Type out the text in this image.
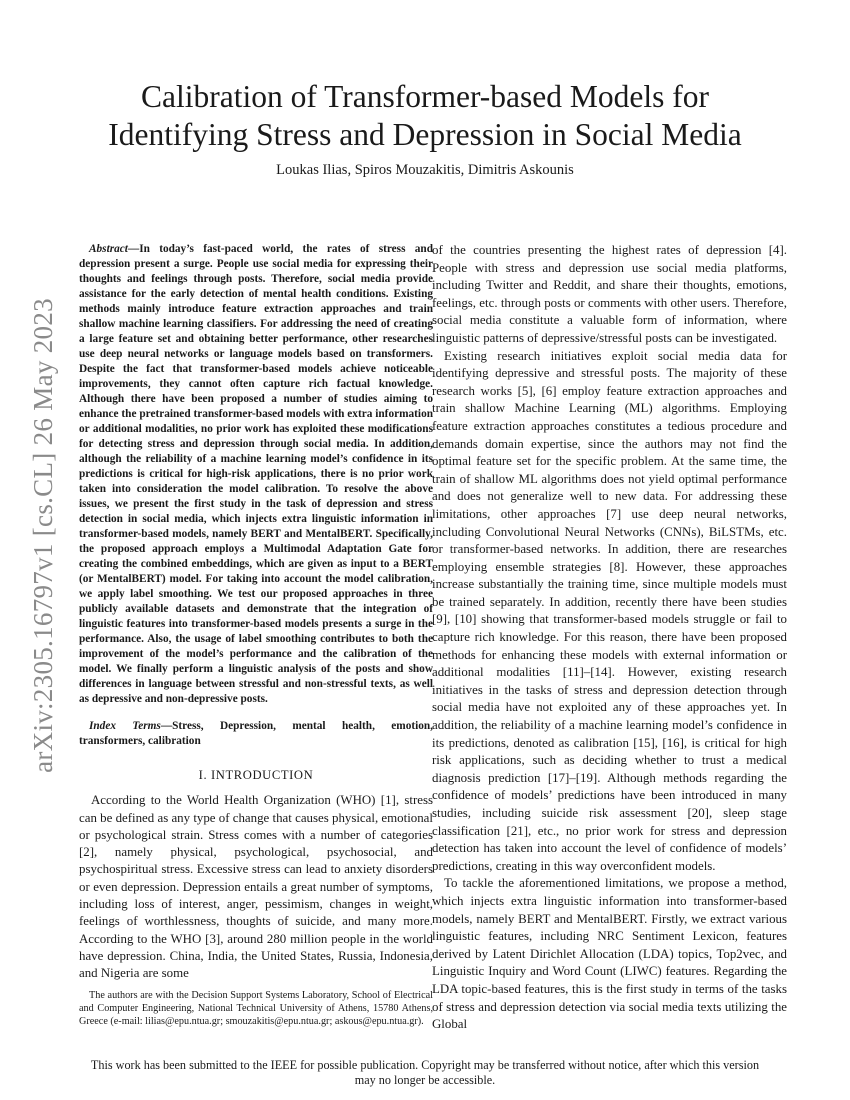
arXiv:2305.16797v1 [cs.CL] 26 May 2023
Calibration of Transformer-based Models for
Identifying Stress and Depression in Social Media
Loukas Ilias, Spiros Mouzakitis, Dimitris Askounis

Abstract—In today’s fast-paced world, the rates of stress and depression present a surge. People use social media for expressing their thoughts and feelings through posts. Therefore, social media provide assistance for the early detection of mental health conditions. Existing methods mainly introduce feature extraction approaches and train shallow machine learning classifiers. For addressing the need of creating a large feature set and obtaining better performance, other researches use deep neural networks or language models based on transformers. Despite the fact that transformer-based models achieve noticeable improvements, they cannot often capture rich factual knowledge. Although there have been proposed a number of studies aiming to enhance the pretrained transformer-based models with extra information or additional modalities, no prior work has exploited these modifications for detecting stress and depression through social media. In addition, although the reliability of a machine learning model’s confidence in its predictions is critical for high-risk applications, there is no prior work taken into consideration the model calibration. To resolve the above issues, we present the first study in the task of depression and stress detection in social media, which injects extra linguistic information in transformer-based models, namely BERT and MentalBERT. Specifically, the proposed approach employs a Multimodal Adaptation Gate for creating the combined embeddings, which are given as input to a BERT (or MentalBERT) model. For taking into account the model calibration, we apply label smoothing. We test our proposed approaches in three publicly available datasets and demonstrate that the integration of linguistic features into transformer-based models presents a surge in the performance. Also, the usage of label smoothing contributes to both the improvement of the model’s performance and the calibration of the model. We finally perform a linguistic analysis of the posts and show differences in language between stressful and non-stressful texts, as well as depressive and non-depressive posts.

Index Terms—Stress, Depression, mental health, emotion, transformers, calibration

I. INTRODUCTION

According to the World Health Organization (WHO) [1], stress can be defined as any type of change that causes physical, emotional or psychological strain. Stress comes with a number of categories [2], namely physical, psychological, psychosocial, and psychospiritual stress. Excessive stress can lead to anxiety disorders or even depression. Depression entails a great number of symptoms, including loss of interest, anger, pessimism, changes in weight, feelings of worthlessness, thoughts of suicide, and many more. According to the WHO [3], around 280 million people in the world have depression. China, India, the United States, Russia, Indonesia, and Nigeria are some

The authors are with the Decision Support Systems Laboratory, School of Electrical and Computer Engineering, National Technical University of Athens, 15780 Athens, Greece (e-mail: lilias@epu.ntua.gr; smouzakitis@epu.ntua.gr; askous@epu.ntua.gr).

of the countries presenting the highest rates of depression [4]. People with stress and depression use social media platforms, including Twitter and Reddit, and share their thoughts, emotions, feelings, etc. through posts or comments with other users. Therefore, social media constitute a valuable form of information, where linguistic patterns of depressive/stressful posts can be investigated.

Existing research initiatives exploit social media data for identifying depressive and stressful posts. The majority of these research works [5], [6] employ feature extraction approaches and train shallow Machine Learning (ML) algorithms. Employing feature extraction approaches constitutes a tedious procedure and demands domain expertise, since the authors may not find the optimal feature set for the specific problem. At the same time, the train of shallow ML algorithms does not yield optimal performance and does not generalize well to new data. For addressing these limitations, other approaches [7] use deep neural networks, including Convolutional Neural Networks (CNNs), BiLSTMs, etc. or transformer-based networks. In addition, there are researches employing ensemble strategies [8]. However, these approaches increase substantially the training time, since multiple models must be trained separately. In addition, recently there have been studies [9], [10] showing that transformer-based models struggle or fail to capture rich knowledge. For this reason, there have been proposed methods for enhancing these models with external information or additional modalities [11]–[14]. However, existing research initiatives in the tasks of stress and depression detection through social media have not exploited any of these approaches yet. In addition, the reliability of a machine learning model’s confidence in its predictions, denoted as calibration [15], [16], is critical for high risk applications, such as deciding whether to trust a medical diagnosis prediction [17]–[19]. Although methods regarding the confidence of models’ predictions have been introduced in many studies, including suicide risk assessment [20], sleep stage classification [21], etc., no prior work for stress and depression detection has taken into account the level of confidence of models’ predictions, creating in this way overconfident models.

To tackle the aforementioned limitations, we propose a method, which injects extra linguistic information into transformer-based models, namely BERT and MentalBERT. Firstly, we extract various linguistic features, including NRC Sentiment Lexicon, features derived by Latent Dirichlet Allocation (LDA) topics, Top2vec, and Linguistic Inquiry and Word Count (LIWC) features. Regarding the LDA topic-based features, this is the first study in terms of the tasks of stress and depression detection via social media texts utilizing the Global

This work has been submitted to the IEEE for possible publication. Copyright may be transferred without notice, after which this version
may no longer be accessible.
